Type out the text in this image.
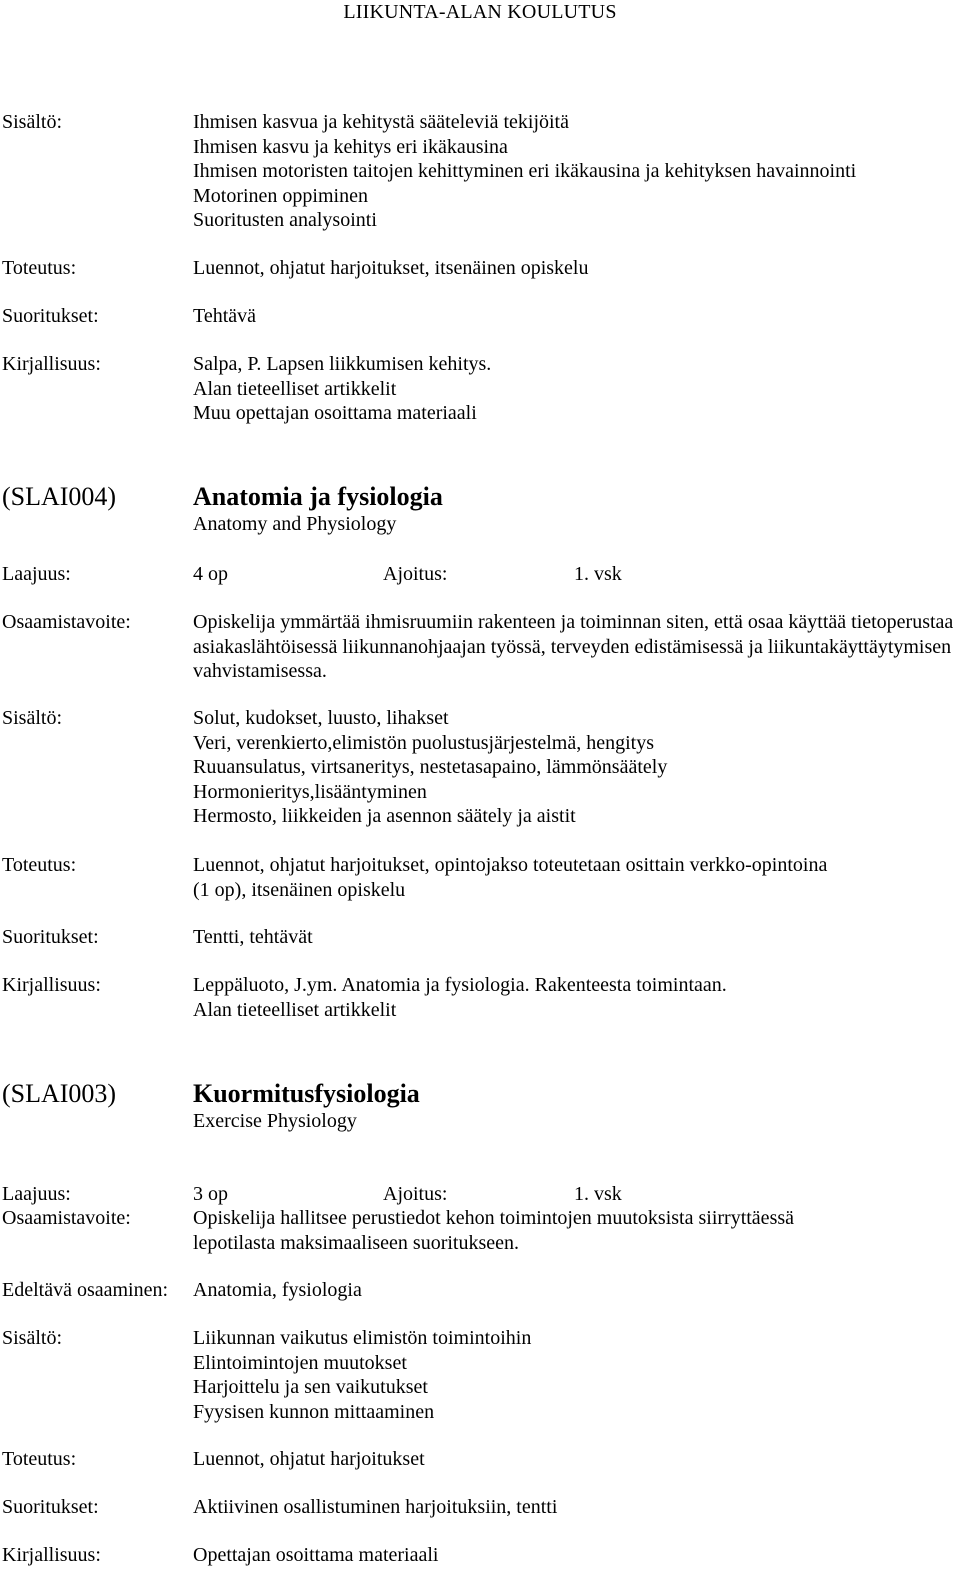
LIIKUNTA-ALAN KOULUTUS
Sisältö:	Ihmisen kasvua ja kehitystä sääteleviä tekijöitä
Ihmisen kasvu ja kehitys eri ikäkausina
Ihmisen motoristen taitojen kehittyminen eri ikäkausina ja kehityksen havainnointi
Motorinen oppiminen
Suoritusten analysointi
Toteutus:	Luennot, ohjatut harjoitukset, itsenäinen opiskelu
Suoritukset:	Tehtävä
Kirjallisuus:	Salpa, P. Lapsen liikkumisen kehitys.
Alan tieteelliset artikkelit
Muu opettajan osoittama materiaali
(SLAI004)	Anatomia ja fysiologia
Anatomy and Physiology
Laajuus:	4 op	Ajoitus:	1. vsk
Osaamistavoite:	Opiskelija ymmärtää ihmisruumiin rakenteen ja toiminnan siten, että osaa käyttää tietoperustaa asiakaslähtöisessä liikunnanohjaajan työssä, terveyden edistämisessä ja liikuntakäyttäytymisen vahvistamisessa.
Sisältö:	Solut, kudokset, luusto, lihakset
Veri, verenkierto,elimistön puolustusjärjestelmä, hengitys
Ruuansulatus, virtsaneritys, nestetasapaino, lämmönsäätely
Hormonieritys,lisääntyminen
Hermosto, liikkeiden ja asennon säätely ja aistit
Toteutus:	Luennot, ohjatut harjoitukset, opintojakso toteutetaan osittain verkko-opintoina
(1 op), itsenäinen opiskelu
Suoritukset:	Tentti, tehtävät
Kirjallisuus:	Leppäluoto, J.ym. Anatomia ja fysiologia. Rakenteesta toimintaan.
Alan tieteelliset artikkelit
(SLAI003)	Kuormitusfysiologia
Exercise Physiology
Laajuus:	3 op	Ajoitus:	1. vsk
Osaamistavoite:	Opiskelija hallitsee perustiedot kehon toimintojen muutoksista siirryttäessä
lepotilasta maksimaaliseen suoritukseen.
Edeltävä osaaminen: Anatomia, fysiologia
Sisältö:	Liikunnan vaikutus elimistön toimintoihin
Elintoimintojen muutokset
Harjoittelu ja sen vaikutukset
Fyysisen kunnon mittaaminen
Toteutus:	Luennot, ohjatut harjoitukset
Suoritukset:	Aktiivinen osallistuminen harjoituksiin, tentti
Kirjallisuus:	Opettajan osoittama materiaali
